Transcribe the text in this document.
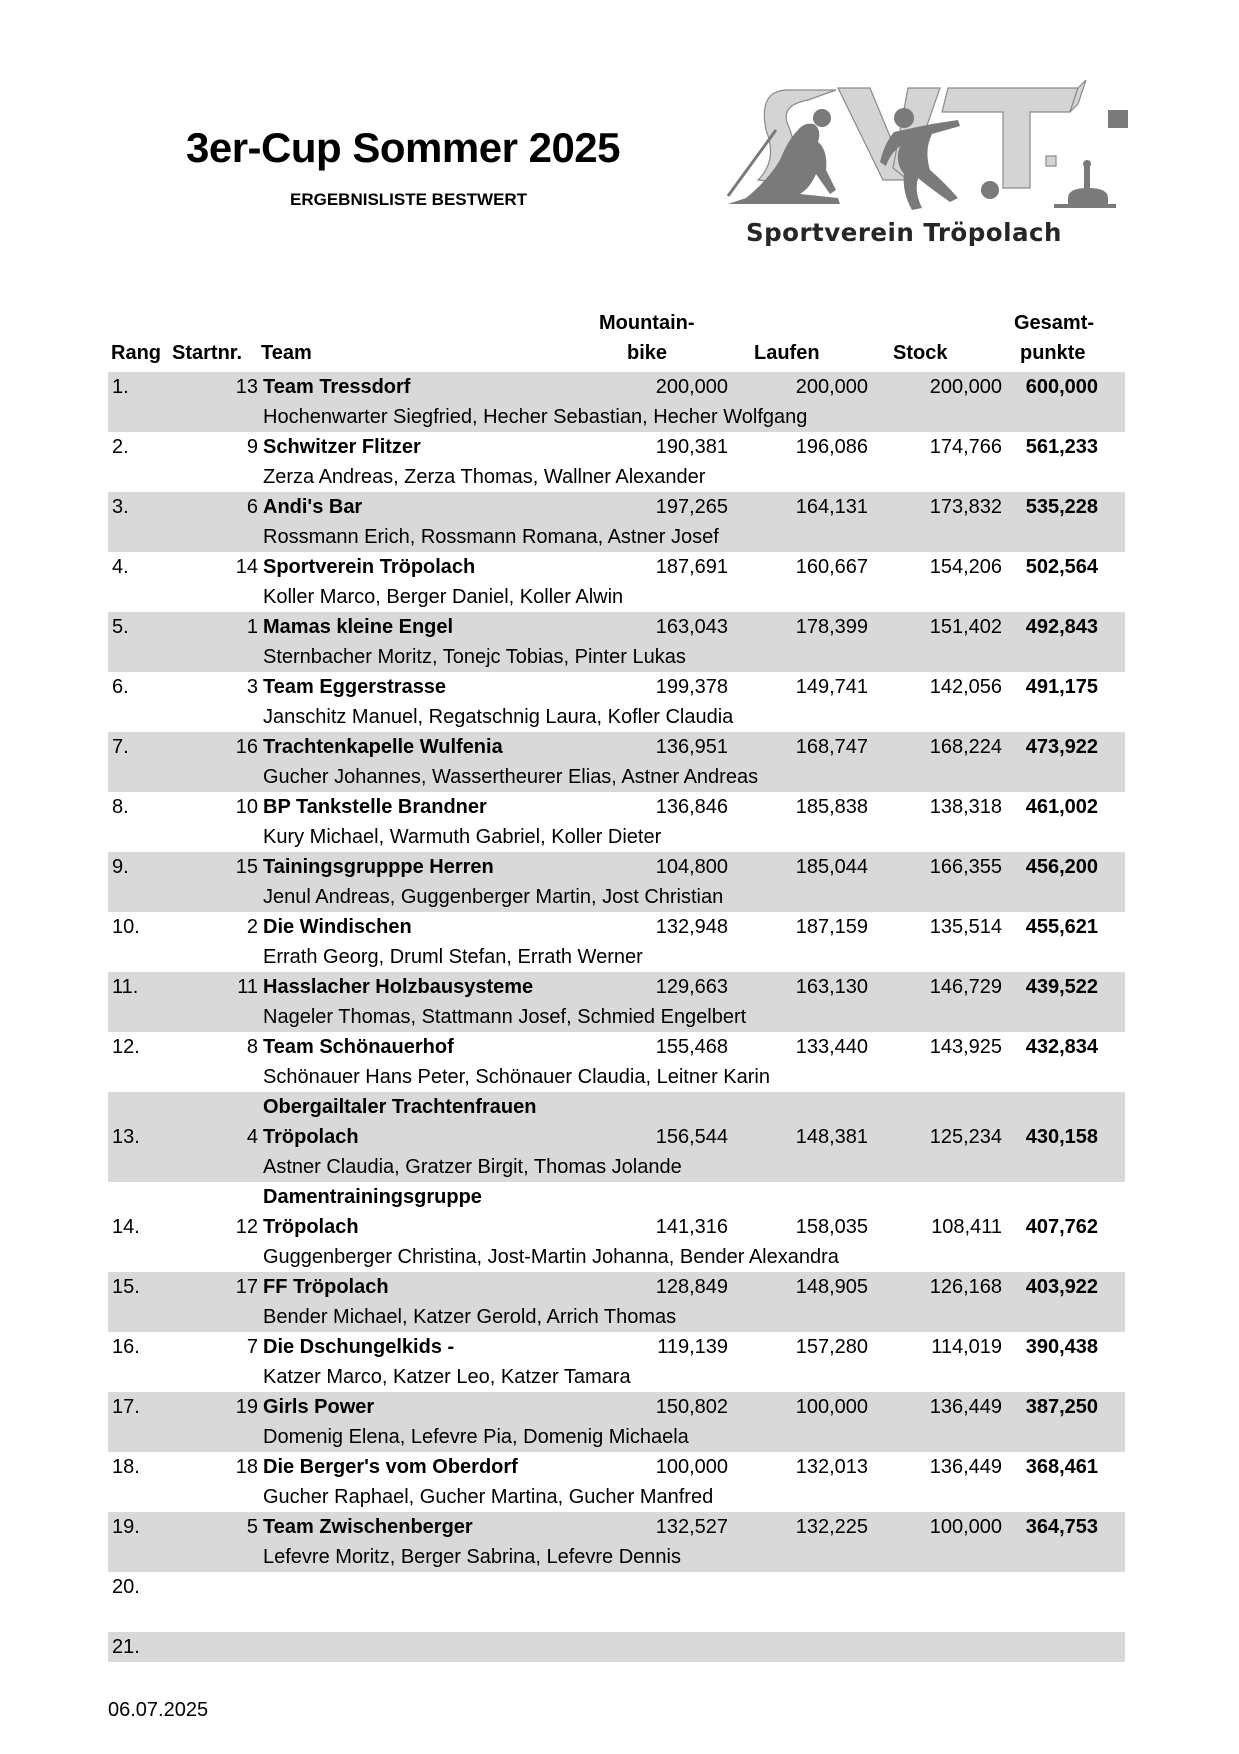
3er-Cup Sommer 2025
ERGEBNISLISTE BESTWERT
Sportverein Tröpolach
Mountain-	Gesamt-
Rang Startnr. Team	bike	Laufen	Stock	punkte
1.	13 Team Tressdorf	200,000	200,000	200,000 600,000
Hochenwarter Siegfried, Hecher Sebastian, Hecher Wolfgang
2.	9 Schwitzer Flitzer	190,381	196,086	174,766 561,233
Zerza Andreas, Zerza Thomas, Wallner Alexander
3.	6 Andi's Bar	197,265	164,131	173,832 535,228
Rossmann Erich, Rossmann Romana, Astner Josef
4.	14 Sportverein Tröpolach	187,691	160,667	154,206 502,564
Koller Marco, Berger Daniel, Koller Alwin
5.	1 Mamas kleine Engel	163,043	178,399	151,402 492,843
Sternbacher Moritz, Tonejc Tobias, Pinter Lukas
6.	3 Team Eggerstrasse	199,378	149,741	142,056 491,175
Janschitz Manuel, Regatschnig Laura, Kofler Claudia
7.	16 Trachtenkapelle Wulfenia	136,951	168,747	168,224 473,922
Gucher Johannes, Wassertheurer Elias, Astner Andreas
8.	10 BP Tankstelle Brandner	136,846	185,838	138,318 461,002
Kury Michael, Warmuth Gabriel, Koller Dieter
9.	15 Tainingsgrupppe Herren	104,800	185,044	166,355 456,200
Jenul Andreas, Guggenberger Martin, Jost Christian
10.	2 Die Windischen	132,948	187,159	135,514 455,621
Errath Georg, Druml Stefan, Errath Werner
11.	11 Hasslacher Holzbausysteme	129,663	163,130	146,729 439,522
Nageler Thomas, Stattmann Josef, Schmied Engelbert
12.	8 Team Schönauerhof	155,468	133,440	143,925 432,834
Schönauer Hans Peter, Schönauer Claudia, Leitner Karin
Obergailtaler Trachtenfrauen
13.	4 Tröpolach	156,544	148,381	125,234 430,158
Astner Claudia, Gratzer Birgit, Thomas Jolande
Damentrainingsgruppe
14.	12 Tröpolach	141,316	158,035	108,411 407,762
Guggenberger Christina, Jost-Martin Johanna, Bender Alexandra
15.	17 FF Tröpolach	128,849	148,905	126,168 403,922
Bender Michael, Katzer Gerold, Arrich Thomas
16.	7 Die Dschungelkids -	119,139	157,280	114,019 390,438
Katzer Marco, Katzer Leo, Katzer Tamara
17.	19 Girls Power	150,802	100,000	136,449 387,250
Domenig Elena, Lefevre Pia, Domenig Michaela
18.	18 Die Berger's vom Oberdorf	100,000	132,013	136,449 368,461
Gucher Raphael, Gucher Martina, Gucher Manfred
19.	5 Team Zwischenberger	132,527	132,225	100,000 364,753
Lefevre Moritz, Berger Sabrina, Lefevre Dennis
20.
21.
06.07.2025
